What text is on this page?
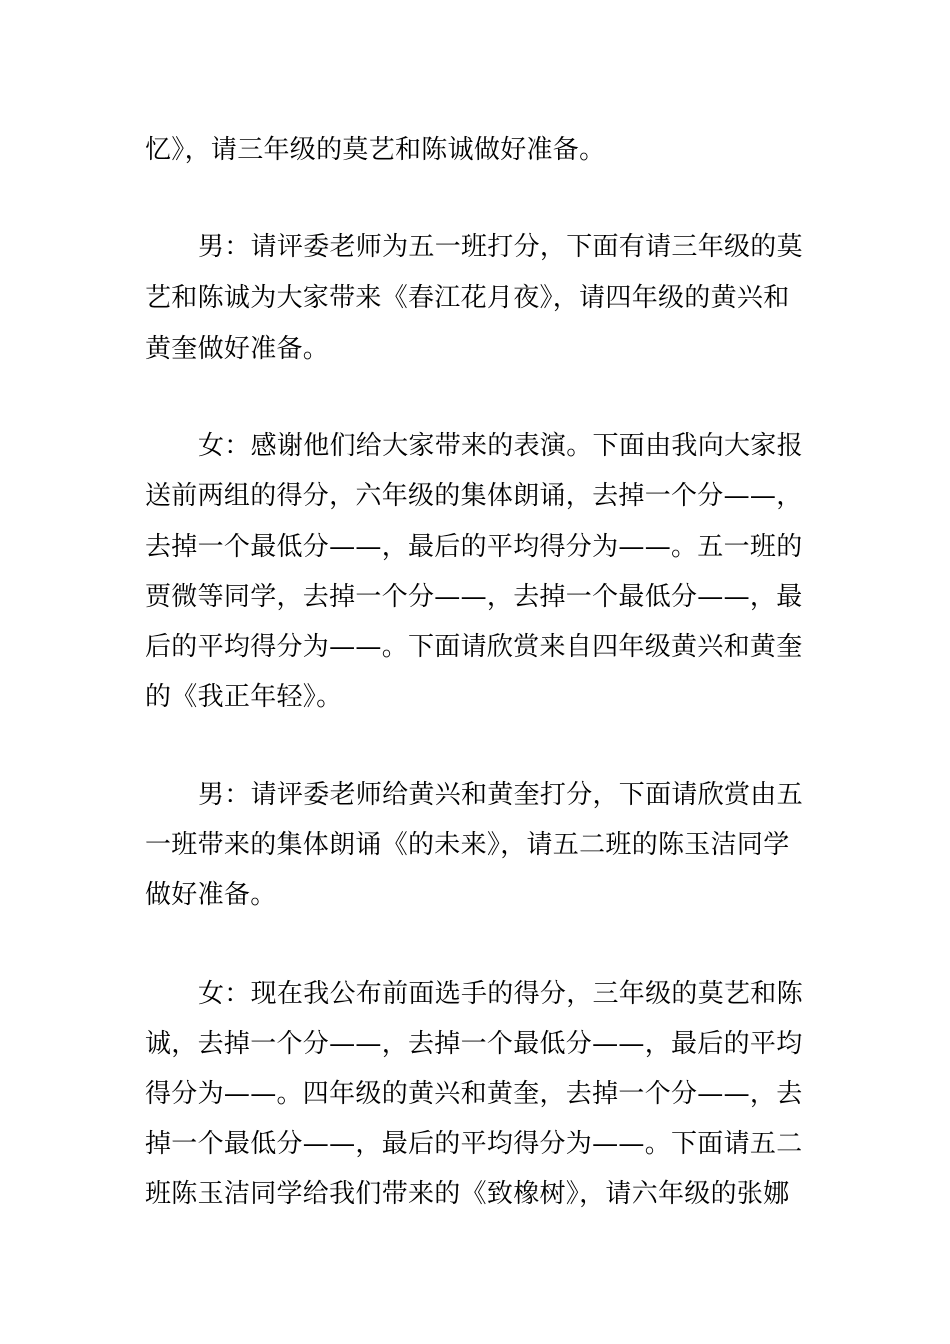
忆》，请三年级的莫艺和陈诚做好准备。
男：请评委老师为五一班打分，下面有请三年级的莫
艺和陈诚为大家带来《春江花月夜》，请四年级的黄兴和
黄奎做好准备。
女：感谢他们给大家带来的表演。下面由我向大家报
送前两组的得分，六年级的集体朗诵，去掉一个分——，
去掉一个最低分——，最后的平均得分为——。五一班的
贾微等同学，去掉一个分——，去掉一个最低分——，最
后的平均得分为——。下面请欣赏来自四年级黄兴和黄奎
的《我正年轻》。
男：请评委老师给黄兴和黄奎打分，下面请欣赏由五
一班带来的集体朗诵《的未来》，请五二班的陈玉洁同学
做好准备。
女：现在我公布前面选手的得分，三年级的莫艺和陈
诚，去掉一个分——，去掉一个最低分——，最后的平均
得分为——。四年级的黄兴和黄奎，去掉一个分——，去
掉一个最低分——，最后的平均得分为——。下面请五二
班陈玉洁同学给我们带来的《致橡树》，请六年级的张娜
